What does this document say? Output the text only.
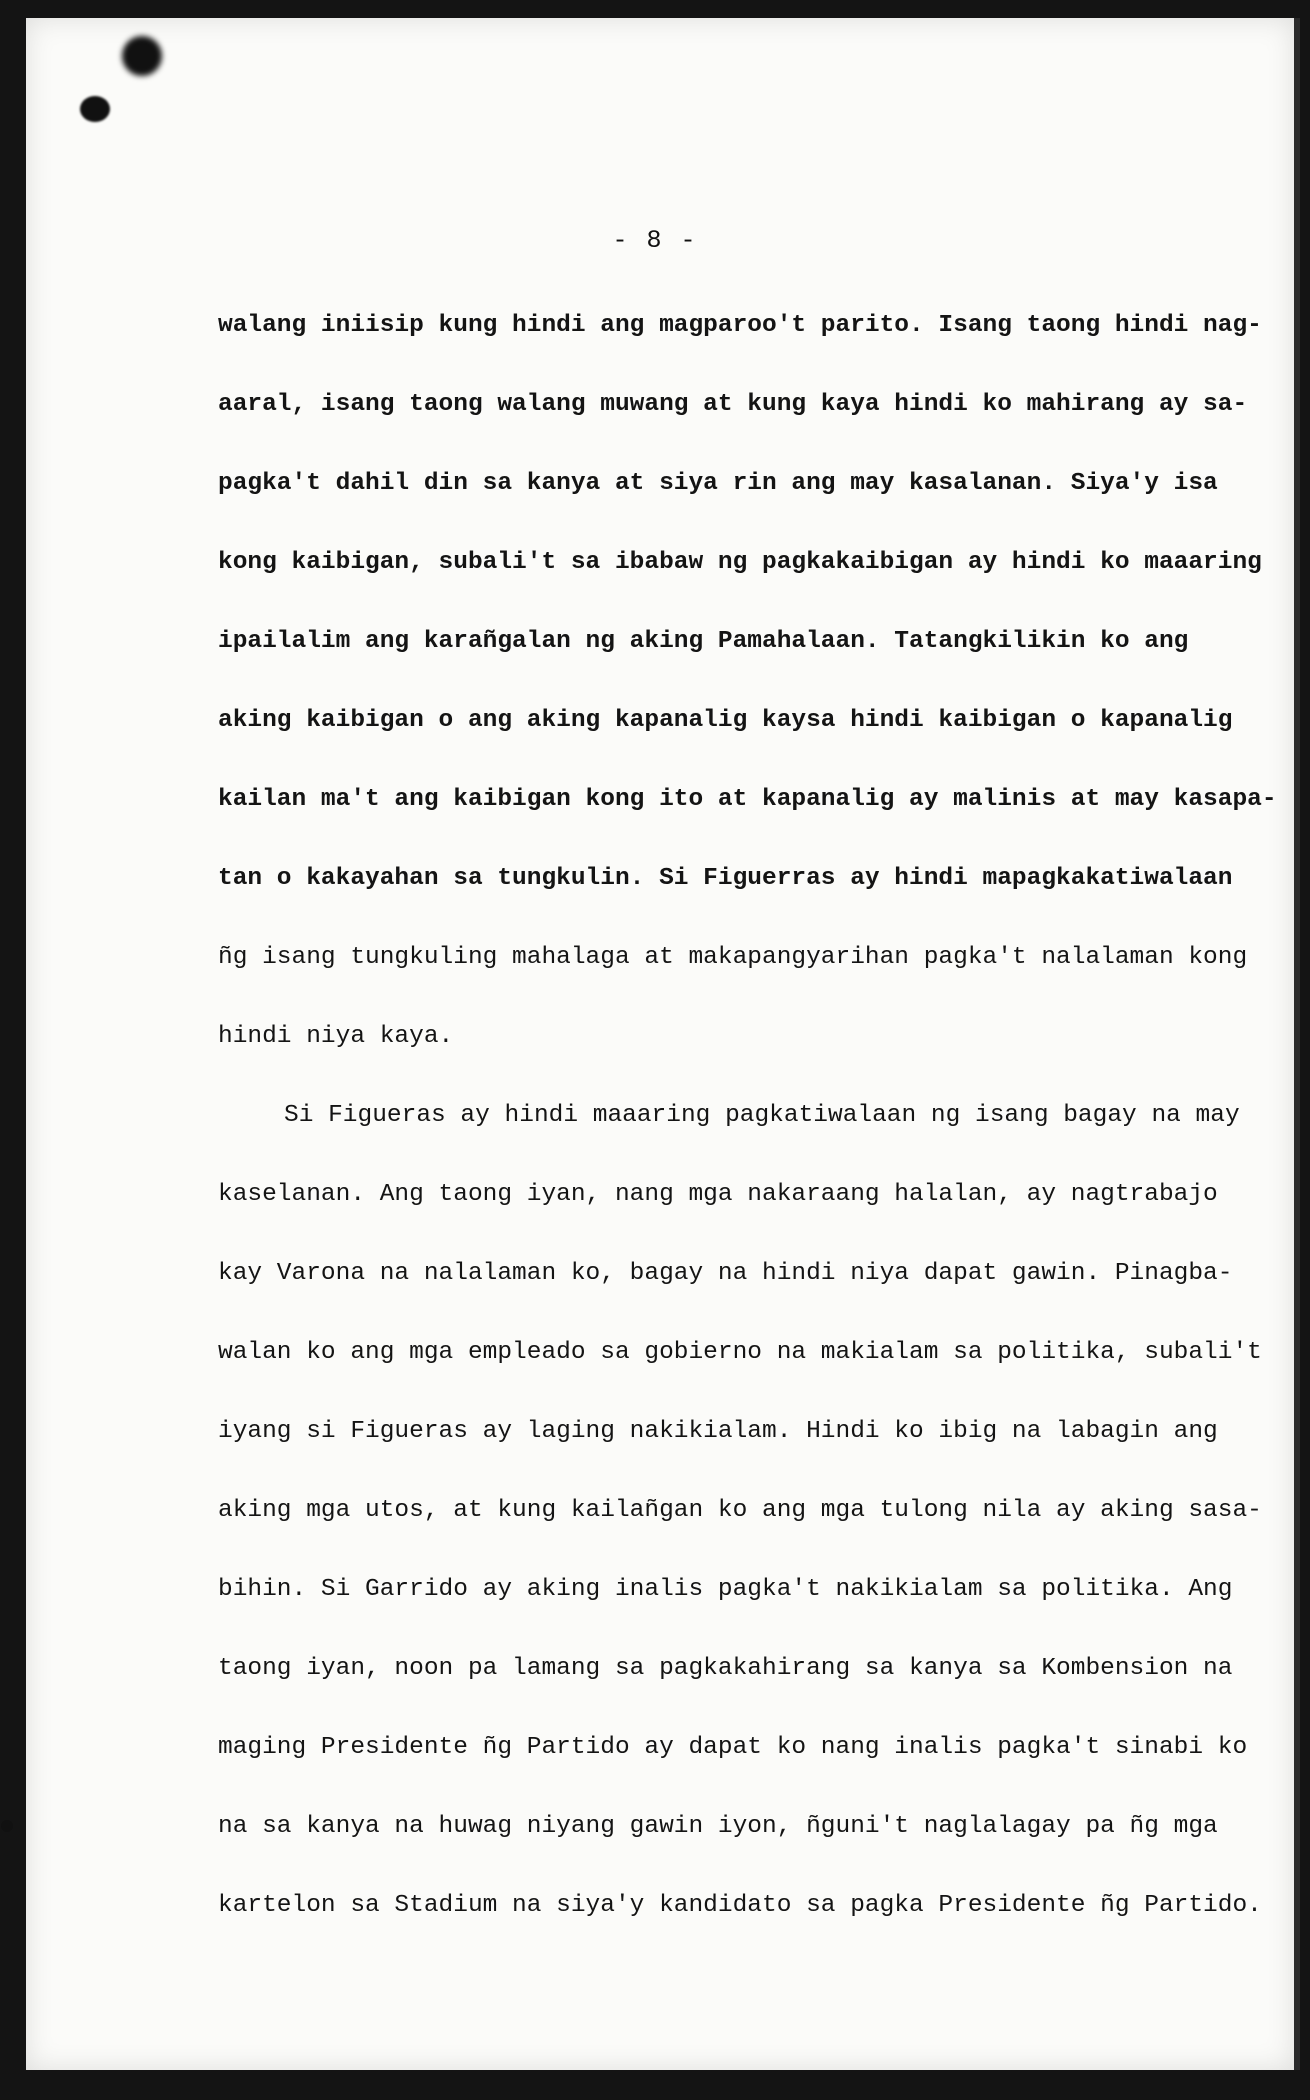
- 8 -
walang iniisip kung hindi ang magparoo't parito. Isang taong hindi nag-
aaral, isang taong walang muwang at kung kaya hindi ko mahirang ay sa-
pagka't dahil din sa kanya at siya rin ang may kasalanan. Siya'y isa
kong kaibigan, subali't sa ibabaw ng pagkakaibigan ay hindi ko maaaring
ipailalim ang karañgalan ng aking Pamahalaan. Tatangkilikin ko ang
aking kaibigan o ang aking kapanalig kaysa hindi kaibigan o kapanalig
kailan ma't ang kaibigan kong ito at kapanalig ay malinis at may kasapa-
tan o kakayahan sa tungkulin. Si Figuerras ay hindi mapagkakatiwalaan
ñg isang tungkuling mahalaga at makapangyarihan pagka't nalalaman kong
hindi niya kaya.
Si Figueras ay hindi maaaring pagkatiwalaan ng isang bagay na may
kaselanan. Ang taong iyan, nang mga nakaraang halalan, ay nagtrabajo
kay Varona na nalalaman ko, bagay na hindi niya dapat gawin. Pinagba-
walan ko ang mga empleado sa gobierno na makialam sa politika, subali't
iyang si Figueras ay laging nakikialam. Hindi ko ibig na labagin ang
aking mga utos, at kung kailañgan ko ang mga tulong nila ay aking sasa-
bihin. Si Garrido ay aking inalis pagka't nakikialam sa politika. Ang
taong iyan, noon pa lamang sa pagkakahirang sa kanya sa Kombension na
maging Presidente ñg Partido ay dapat ko nang inalis pagka't sinabi ko
na sa kanya na huwag niyang gawin iyon, ñguni't naglalagay pa ñg mga
kartelon sa Stadium na siya'y kandidato sa pagka Presidente ñg Partido.
